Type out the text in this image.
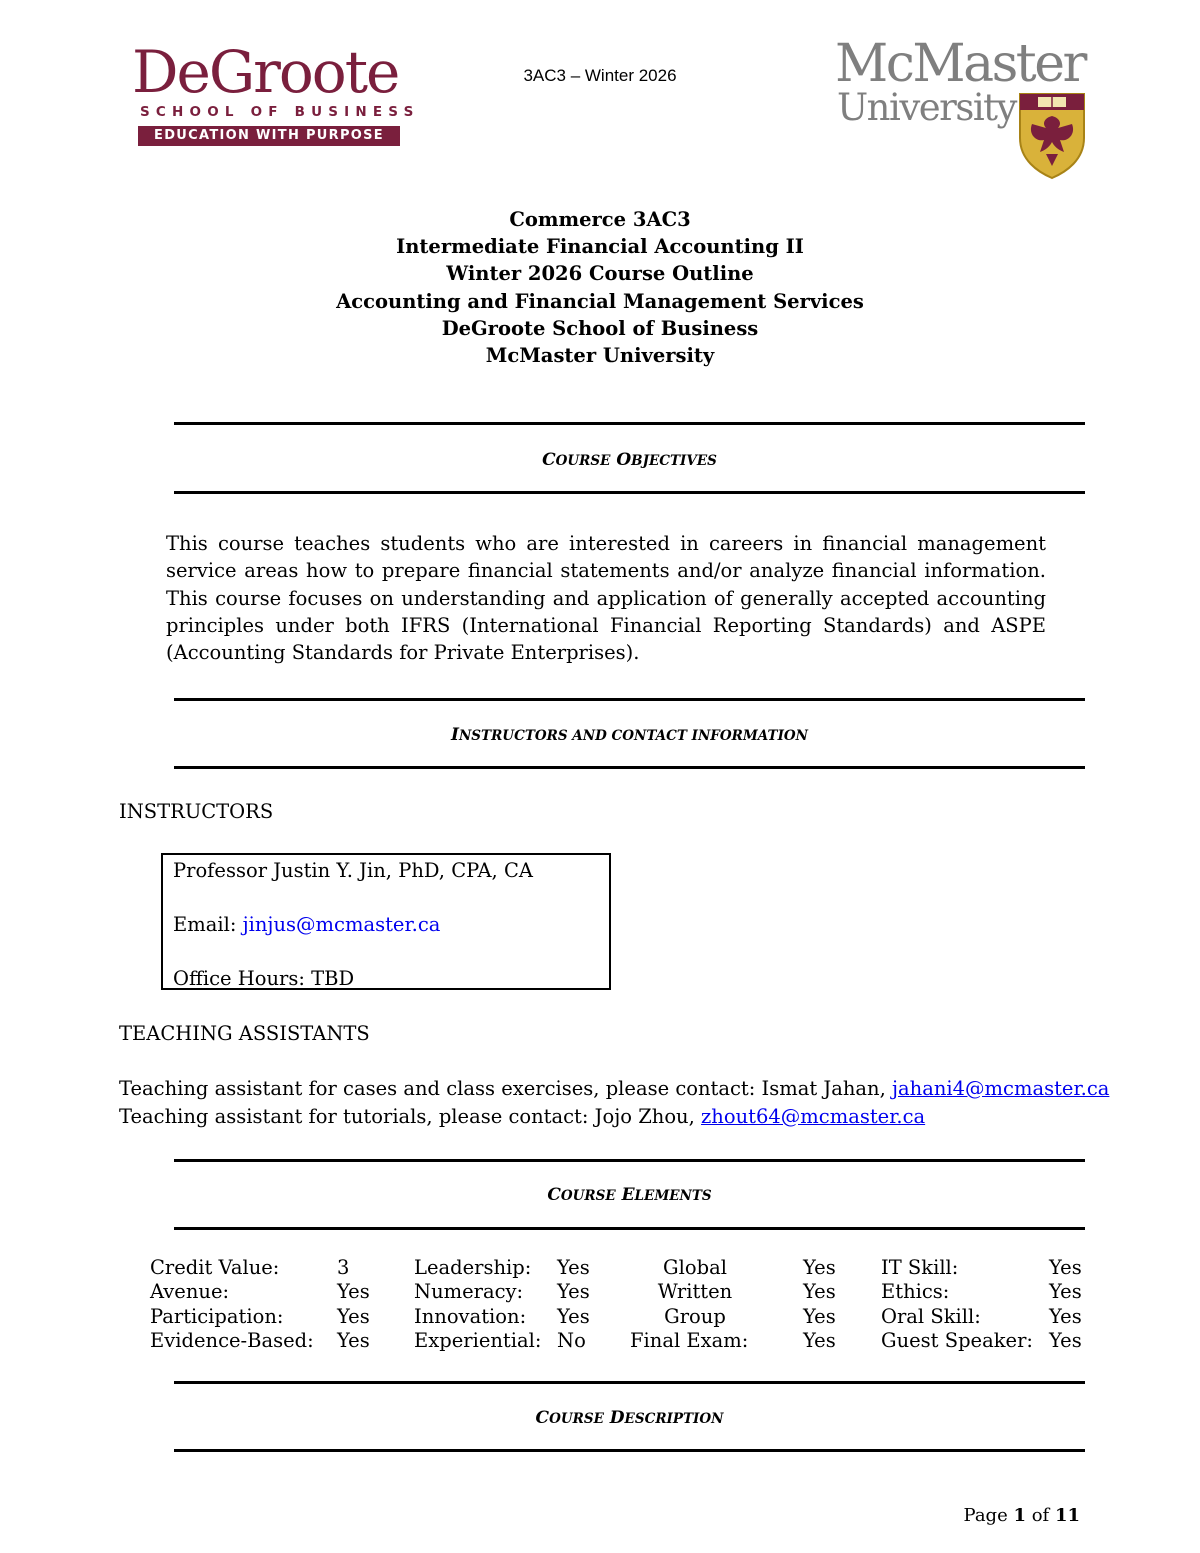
DeGroote
SCHOOL OF BUSINESS
EDUCATION WITH PURPOSE
3AC3 – Winter 2026	McMaster
University
Commerce 3AC3
Intermediate Financial Accounting II
Winter 2026 Course Outline
Accounting and Financial Management Services
DeGroote School of Business
McMaster University
COURSE OBJECTIVES
This course teaches students who are interested in careers in financial management service areas how to prepare financial statements and/or analyze financial information. This course focuses on understanding and application of generally accepted accounting principles under both IFRS (International Financial Reporting Standards) and ASPE (Accounting Standards for Private Enterprises).
INSTRUCTORS AND CONTACT INFORMATION
INSTRUCTORS
Professor Justin Y. Jin, PhD, CPA, CA
Email: jinjus@mcmaster.ca
Office Hours: TBD
TEACHING ASSISTANTS
Teaching assistant for cases and class exercises, please contact: Ismat Jahan, jahani4@mcmaster.ca
Teaching assistant for tutorials, please contact: Jojo Zhou, zhout64@mcmaster.ca
COURSE ELEMENTS
Credit Value:	3	Leadership: Yes	Global	Yes IT Skill:	Yes
Avenue:	Yes Numeracy: Yes	Written	Yes Ethics:	Yes
Participation:	Yes Innovation: Yes	Group	Yes Oral Skill:	Yes
Evidence-Based: Yes Experiential: No Final Exam:	Yes Guest Speaker: Yes
COURSE DESCRIPTION
Page 1 of 11
